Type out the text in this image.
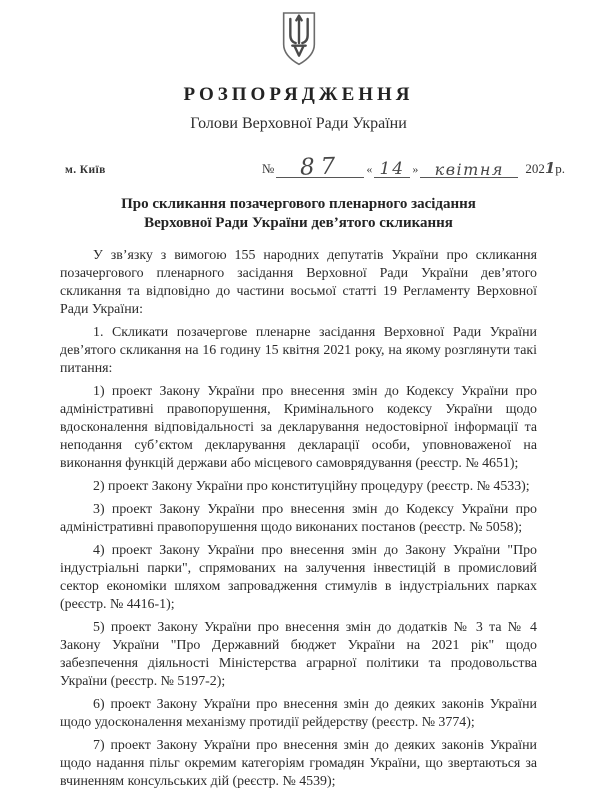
РОЗПОРЯДЖЕННЯ
Голови Верховної Ради України
м. Київ	№ 87 « 14 » квітня 2021р.
Про скликання позачергового пленарного засідання
Верховної Ради України дев’ятого скликання

У зв’язку з вимогою 155 народних депутатів України про скликання позачергового пленарного засідання Верховної Ради України дев’ятого скликання та відповідно до частини восьмої статті 19 Регламенту Верховної Ради України:

1. Скликати позачергове пленарне засідання Верховної Ради України дев’ятого скликання на 16 годину 15 квітня 2021 року, на якому розглянути такі питання:

1) проект Закону України про внесення змін до Кодексу України про адміністративні правопорушення, Кримінального кодексу України щодо вдосконалення відповідальності за декларування недостовірної інформації та неподання суб’єктом декларування декларації особи, уповноваженої на виконання функцій держави або місцевого самоврядування (реєстр. № 4651);

2) проект Закону України про конституційну процедуру (реєстр. № 4533);

3) проект Закону України про внесення змін до Кодексу України про адміністративні правопорушення щодо виконаних постанов (реєстр. № 5058);

4) проект Закону України про внесення змін до Закону України "Про індустріальні парки", спрямованих на залучення інвестицій в промисловий сектор економіки шляхом запровадження стимулів в індустріальних парках (реєстр. № 4416-1);

5) проект Закону України про внесення змін до додатків № 3 та № 4 Закону України "Про Державний бюджет України на 2021 рік" щодо забезпечення діяльності Міністерства аграрної політики та продовольства України (реєстр. № 5197-2);

6) проект Закону України про внесення змін до деяких законів України щодо удосконалення механізму протидії рейдерству (реєстр. № 3774);

7) проект Закону України про внесення змін до деяких законів України щодо надання пільг окремим категоріям громадян України, що звертаються за вчиненням консульських дій (реєстр. № 4539);
